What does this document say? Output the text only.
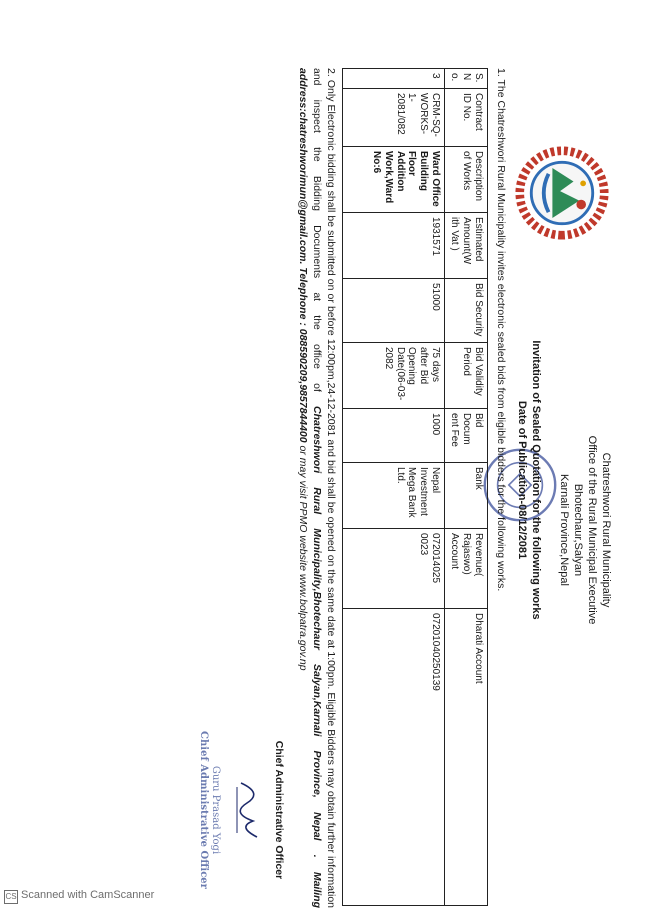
Chatreshwori Rural Municipality
Office of the Rural Municipal Executive
Bhotechaur,Salyan
Karnali Province,Nepal
Invitation of Sealed Quotation for the following works
Date of Publication-08/12/2081
1. The Chatreshwori Rural Municipality invites electronic sealed bids from eligible bidders for the following works.
S. N o.	Contract ID No.	Description of Works	Estimated Amount(W ith Vat )	Bid Security	Bid Validity Period	Bid Docum ent Fee	Bank	Revenue( Rajaswo) Account	Dharati Account
3	CRM-SQ-WORKS-1-2081/082	Ward Office Building Floor Addition Work,Ward No:6	1931571	51000	75 days after Bid Opening Date(06-03-2082	1000	Nepal Investment Mega Bank Ltd.	072014025 0023	07201040250139
2. Only Electronic bidding shall be submitted on or before 12:00pm,24-12-2081 and bid shall be opened on the same date at 1:00pm. Eligible Bidders may obtain further information and inspect the Bidding Documents at the office of Chatreshwori Rural Municipality,Bhotechaur Salyan,Karnali Province, Nepal . Mailing address:chatreshworimun@gmail.com. Telephone : 088590209,9857844400 or may visit PPMO website www.bolpatra.gov.np
Chief Administrative Officer
Guru Prasad Yogi
Chief Administrative Officer
CS Scanned with CamScanner
